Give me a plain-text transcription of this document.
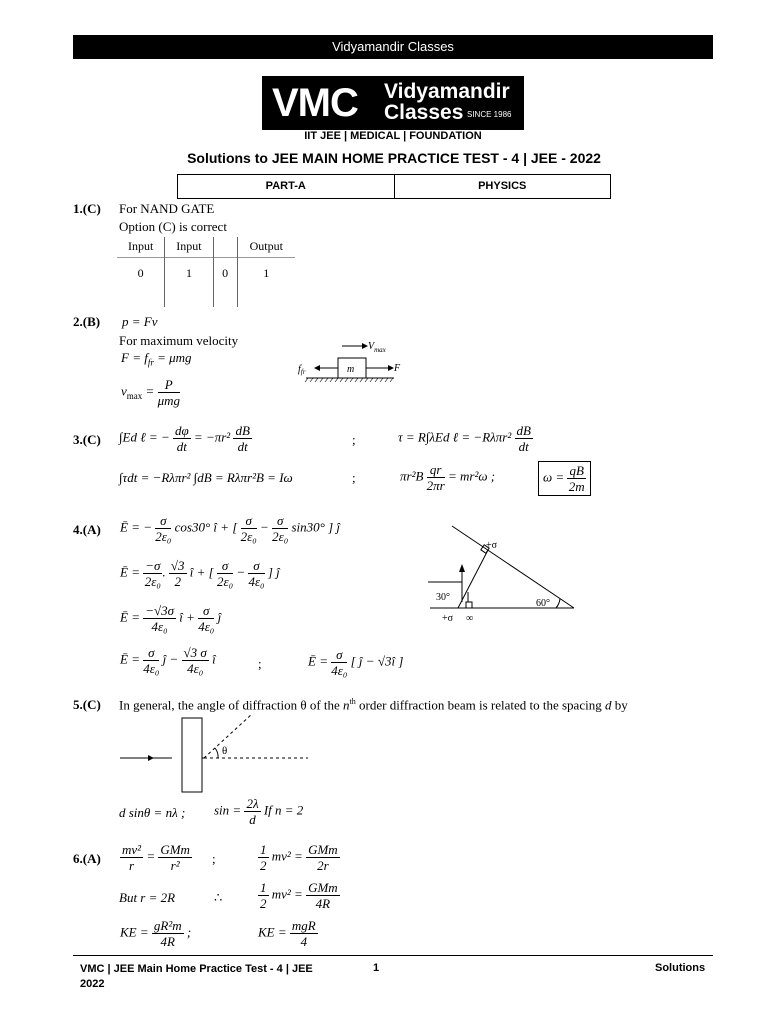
Vidyamandir Classes
VMC Vidyamandir
Classes SINCE 1986
IIT JEE | MEDICAL | FOUNDATION
Solutions to JEE MAIN HOME PRACTICE TEST - 4 | JEE - 2022
PART-A	PHYSICS
1.(C) For NAND GATE
Option (C) is correct
Input	Input		Output
0	1	0	1
2.(B) p = Fv
For maximum velocity
$F = f_{fr} = \mu mg$
$v_{max} = \frac{P}{\text{μmg}}$
m	F
$f_{fr}$
$V_{max}$
3.(C) ∫Ed ℓ = − $\frac{d\varphi}{dt} = -\pi r^2 \frac{dB}{dt}$	;	τ = R∫λEd ℓ = $-R\lambda\pi r^2 \frac{dB}{dt}$
∫τdt = −Rλπr² ∫dB = Rλπr²B = Iω	;	$\pi r^2B \frac{qr}{2\pi r} = mr^2\omega$ ;	$\omega = \frac{qB}{2m}$
4.(A) Ē = − $\frac{\sigma}{\text{2ε₀}} \cos 30^\circ$ î + [ $\frac{\sigma}{\text{2ε₀}} - \frac{\sigma}{\text{2ε₀}} \sin 30^\circ$ ] ĵ
Ē = $\frac{-\sigma}{\text{2ε₀}}$ . $\frac{√3}{2}$ î + [ $\frac{\sigma}{\text{2ε₀}} - \frac{\sigma}{\text{4ε₀}}$ ] ĵ
Ē = $\frac{-√3\sigma}{\text{4ε₀}}$ î + $\frac{\sigma}{\text{4ε₀}}$ ĵ
Ē = $\frac{\sigma}{\text{4ε₀}}$ ĵ − $\frac{√3 \sigma}{\text{4ε₀}}$ î	;	Ē = $\frac{\sigma}{\text{4ε₀}}$ [ ĵ − √3î ]
+σ
30°
60°
+σ ∞
5.(C) In general, the angle of diffraction θ of the $n^{th}$ order diffraction beam is related to the spacing d by
θ
d sinθ = nλ ; $\sin = \frac{2\lambda}{d}$ If n = 2
$6.(A) \frac{\text{mv²}}{r} = \frac{\text{GMm}}{\text{r²}}$ ;	$\frac{1}{2} mv^2 = \frac{\text{GMm}}{2r}$
But r = 2R	∴	$\frac{1}{2} mv^2 = \frac{\text{GMm}}{4R}$
KE = $\frac{\text{gR²m}}{4R}$ ;	KE = $\frac{\text{mgR}}{4}$
VMC | JEE Main Home Practice Test - 4 | JEE 2022
1	Solutions
